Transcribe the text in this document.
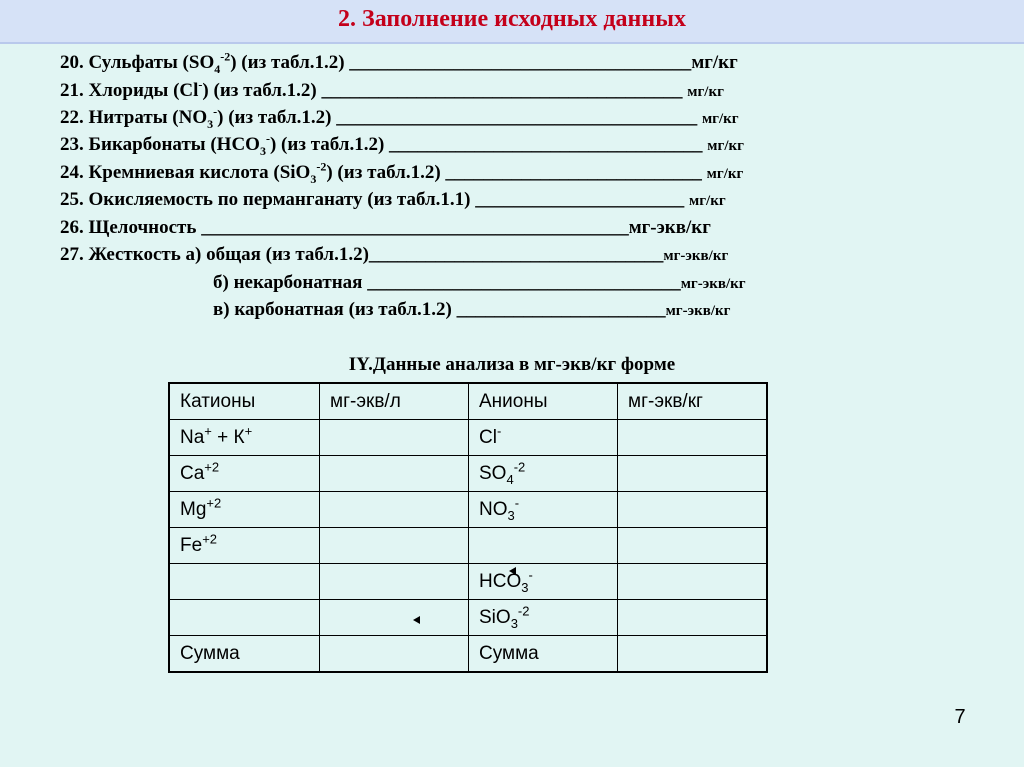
2. Заполнение исходных данных
20. Сульфаты $(SO_4^{-2})$ (из табл.1.2) ____________________________________мг/кг
21. Хлориды (Cl-) (из табл.1.2) ______________________________________ мг/кг
22. Нитраты $(NO_3^-)$ (из табл.1.2) ______________________________________ мг/кг
23. Бикарбонаты $(HCO_3^-)$ (из табл.1.2) _________________________________ мг/кг
24. Кремниевая кислота (SiO$_3^{-2}$) (из табл.1.2) ___________________________ мг/кг
25. Окисляемость по перманганату (из табл.1.1) ______________________ мг/кг
26. Щелочность _____________________________________________мг-экв/кг
27. Жесткость а) общая (из табл.1.2)_______________________________мг-экв/кг
б) некарбонатная _________________________________мг-экв/кг
в) карбонатная (из табл.1.2) ______________________мг-экв/кг
IY.Данные анализа в мг-экв/кг форме
Катионы	мг-экв/л	Анионы	мг-экв/кг
Na+ + К+		Cl-	
$Ca^{+2}$		$SO_4^{-2}$	
$Mg^{+2}$		$NO_3^-$	
$Fe^{+2}$			
		$HCO_3^-$	
		SiO$_3^{-2}$	
Сумма		Сумма	
7
